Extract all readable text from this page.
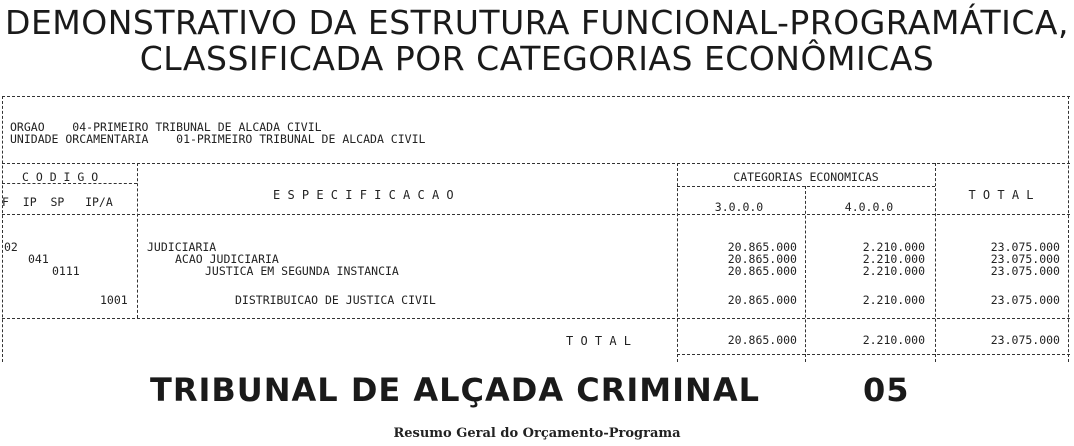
DEMONSTRATIVO DA ESTRUTURA FUNCIONAL-PROGRAMÁTICA,
CLASSIFICADA POR CATEGORIAS ECONÔMICAS
ORGAO    04-PRIMEIRO TRIBUNAL DE ALCADA CIVIL
UNIDADE ORCAMENTARIA    01-PRIMEIRO TRIBUNAL DE ALCADA CIVIL
C O D I G O
F  IP  SP   IP/A	E S P E C I F I C A C A O
CATEGORIAS ECONOMICAS
3.0.0.0	4.0.0.0
T O T A L
02	JUDICIARIA	20.865.000	2.210.000	23.075.000
041	ACAO JUDICIARIA	20.865.000	2.210.000	23.075.000
0111	JUSTICA EM SEGUNDA INSTANCIA	20.865.000	2.210.000	23.075.000
1001	DISTRIBUICAO DE JUSTICA CIVIL	20.865.000	2.210.000	23.075.000
T O T A L	20.865.000	2.210.000	23.075.000
TRIBUNAL DE ALÇADA CRIMINAL	05
Resumo Geral do Orçamento-Programa
